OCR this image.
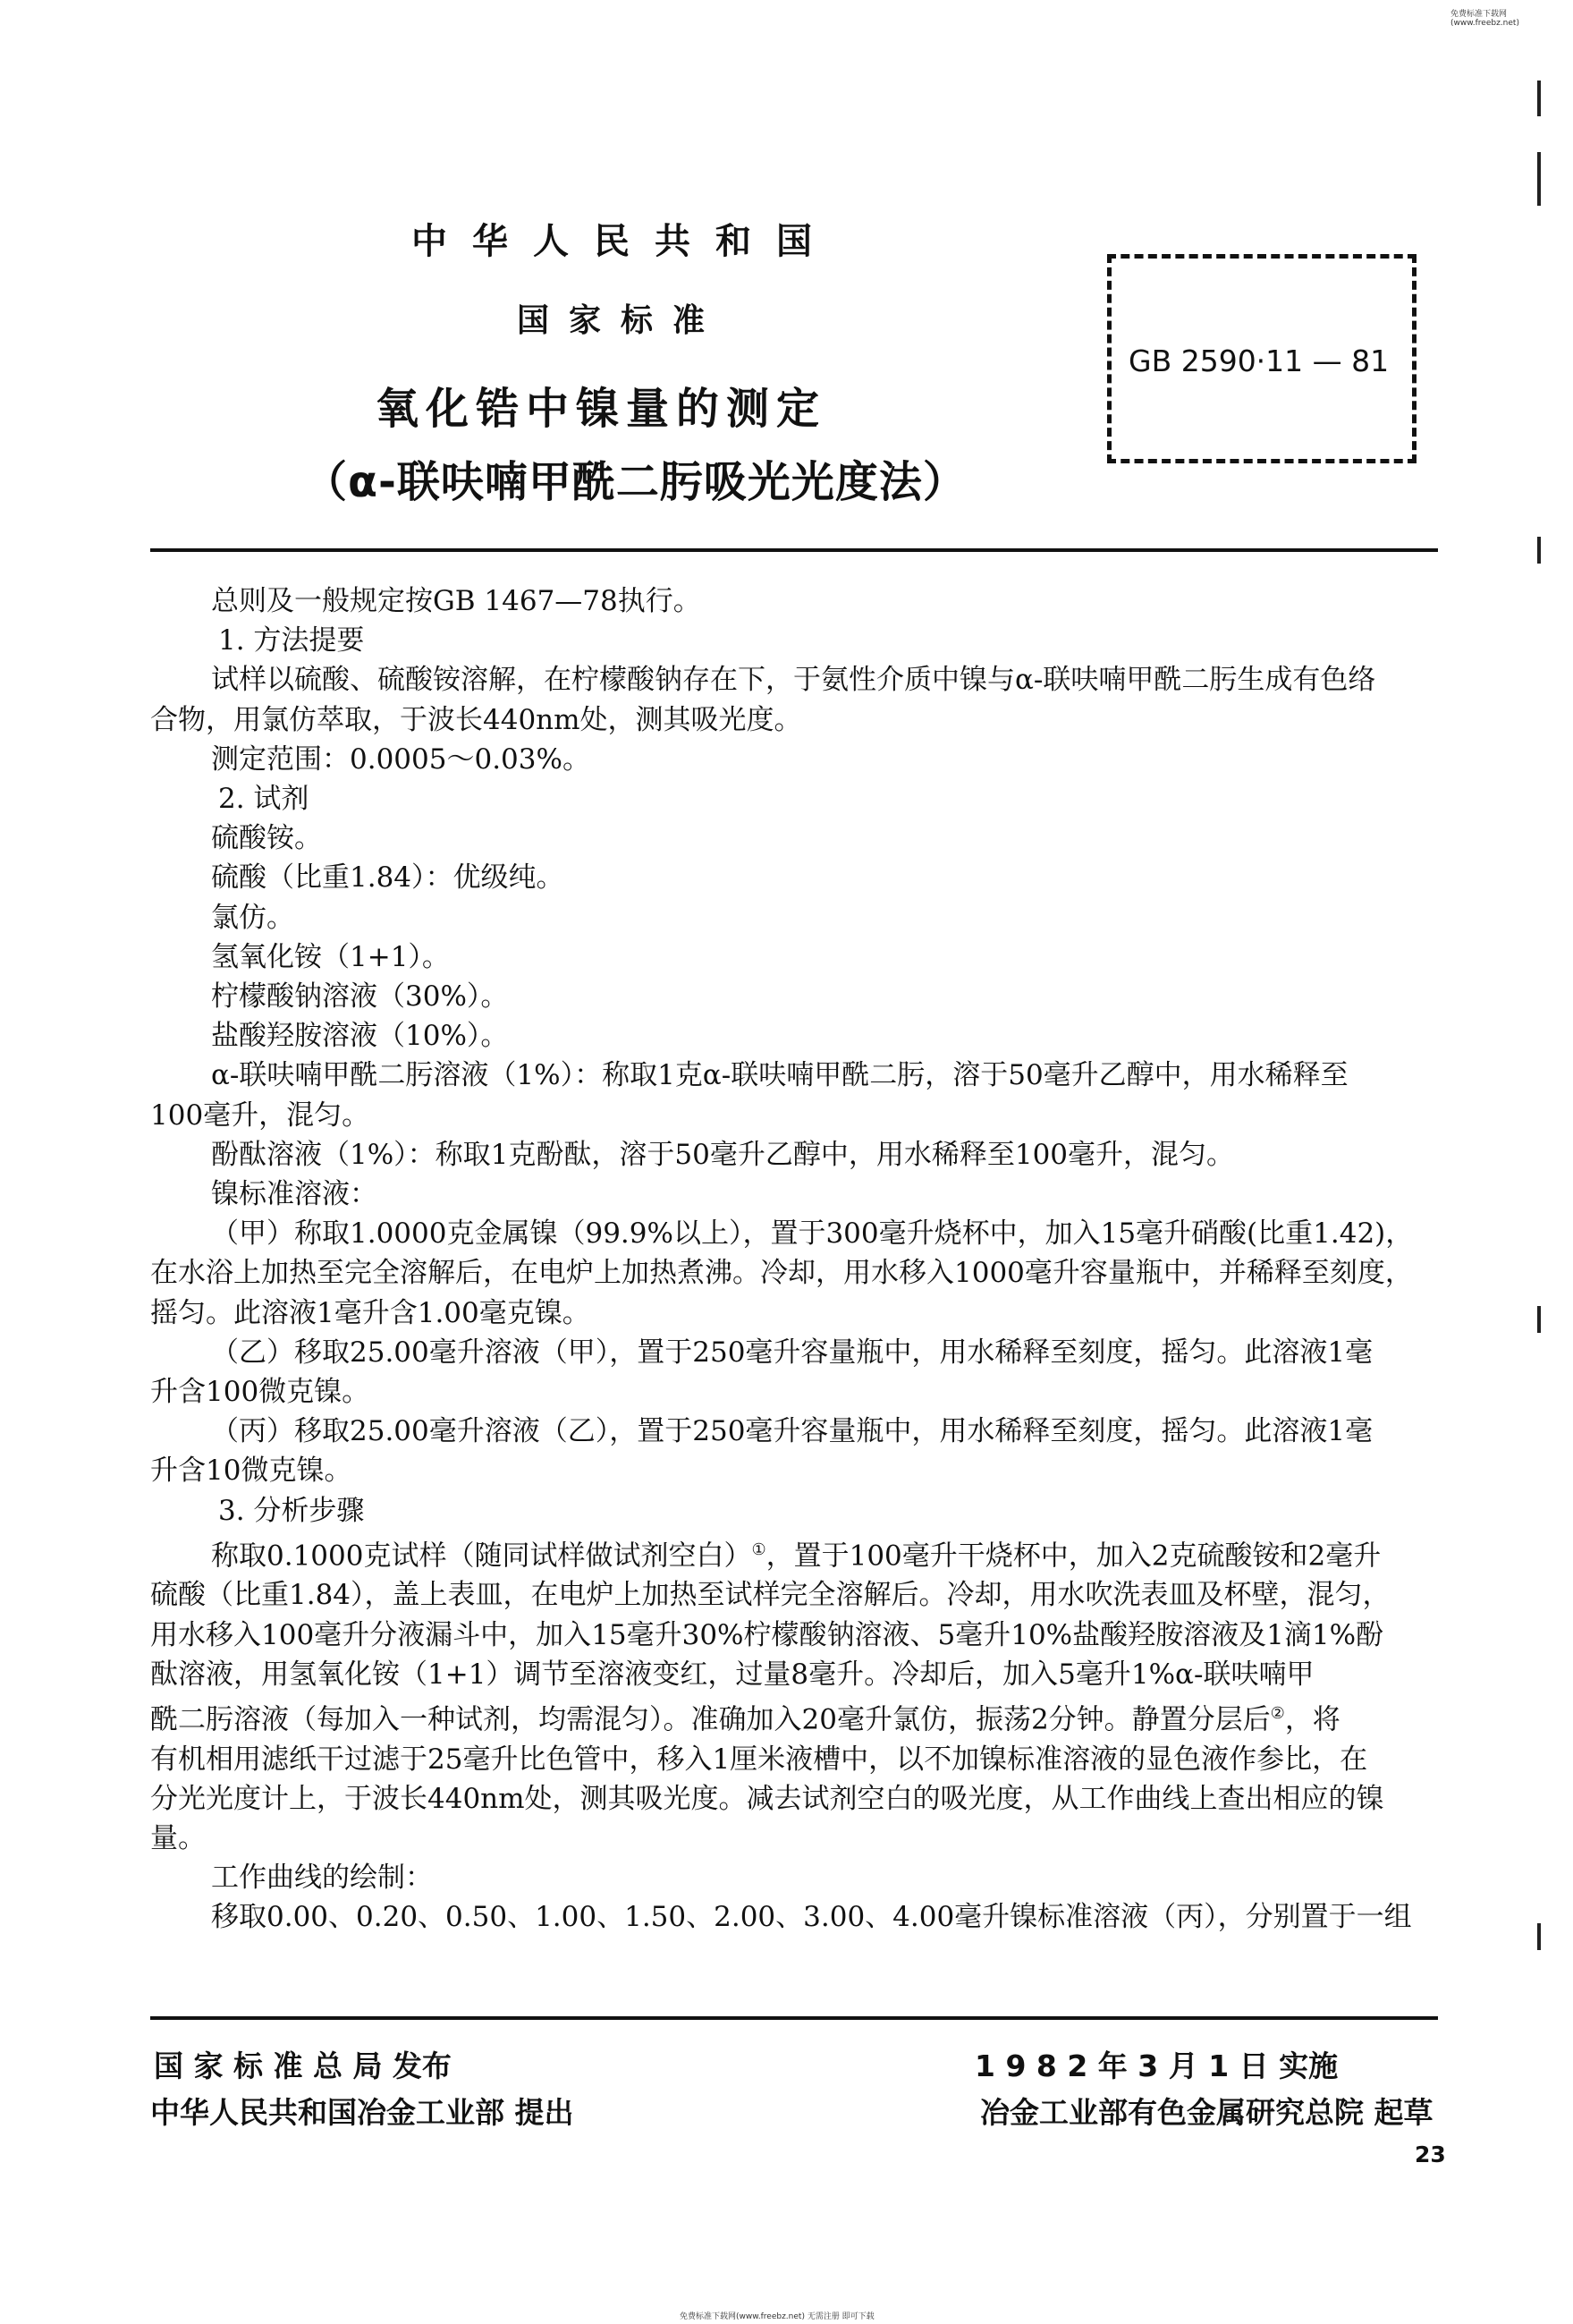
免费标准下载网(www.freebz.net)
中华人民共和国
国家标准
氧化锆中镍量的测定
（α-联呋喃甲酰二肟吸光光度法）
GB 2590·11 — 81

总则及一般规定按GB 1467—78执行。

1. 方法提要

试样以硫酸、硫酸铵溶解，在柠檬酸钠存在下，于氨性介质中镍与α-联呋喃甲酰二肟生成有色络

合物，用氯仿萃取，于波长440nm处，测其吸光度。

测定范围：0.0005～0.03%。

2. 试剂

硫酸铵。

硫酸（比重1.84）：优级纯。

氯仿。

氢氧化铵（1+1）。

柠檬酸钠溶液（30%）。

盐酸羟胺溶液（10%）。

α-联呋喃甲酰二肟溶液（1%）：称取1克α-联呋喃甲酰二肟，溶于50毫升乙醇中，用水稀释至

100毫升，混匀。

酚酞溶液（1%）：称取1克酚酞，溶于50毫升乙醇中，用水稀释至100毫升，混匀。

镍标准溶液：

（甲）称取1.0000克金属镍（99.9%以上），置于300毫升烧杯中，加入15毫升硝酸(比重1.42)，

在水浴上加热至完全溶解后，在电炉上加热煮沸。冷却，用水移入1000毫升容量瓶中，并稀释至刻度，

摇匀。此溶液1毫升含1.00毫克镍。

（乙）移取25.00毫升溶液（甲），置于250毫升容量瓶中，用水稀释至刻度，摇匀。此溶液1毫

升含100微克镍。

（丙）移取25.00毫升溶液（乙），置于250毫升容量瓶中，用水稀释至刻度，摇匀。此溶液1毫

升含10微克镍。

3. 分析步骤

称取0.1000克试样（随同试样做试剂空白）①，置于100毫升干烧杯中，加入2克硫酸铵和2毫升

硫酸（比重1.84），盖上表皿，在电炉上加热至试样完全溶解后。冷却，用水吹洗表皿及杯壁，混匀，

用水移入100毫升分液漏斗中，加入15毫升30%柠檬酸钠溶液、5毫升10%盐酸羟胺溶液及1滴1%酚

酞溶液，用氢氧化铵（1+1）调节至溶液变红，过量8毫升。冷却后，加入5毫升1%α-联呋喃甲

酰二肟溶液（每加入一种试剂，均需混匀）。准确加入20毫升氯仿，振荡2分钟。静置分层后②，将

有机相用滤纸干过滤于25毫升比色管中，移入1厘米液槽中，以不加镍标准溶液的显色液作参比，在

分光光度计上，于波长440nm处，测其吸光度。减去试剂空白的吸光度，从工作曲线上查出相应的镍

量。

工作曲线的绘制：

移取0.00、0.20、0.50、1.00、1.50、2.00、3.00、4.00毫升镍标准溶液（丙），分别置于一组

国 家 标 准 总 局 发布
中华人民共和国冶金工业部 提出
1 9 8 2 年 3 月 1 日 实施
冶金工业部有色金属研究总院 起草
23
免费标准下载网(www.freebz.net) 无需注册 即可下载
